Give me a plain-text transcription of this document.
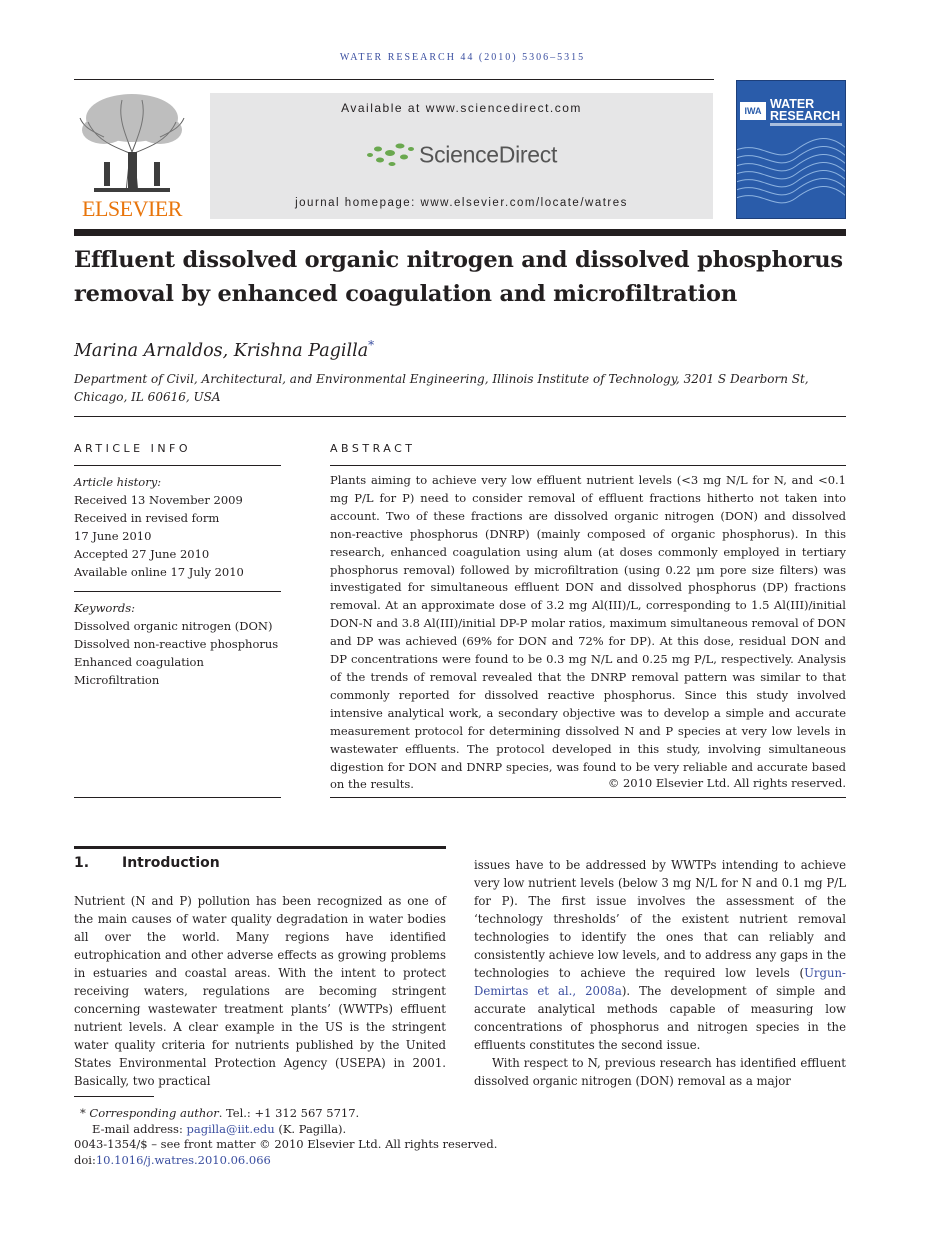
WATER RESEARCH 44 (2010) 5306–5315
ELSEVIER
Available at www.sciencedirect.com
ScienceDirect
journal homepage: www.elsevier.com/locate/watres
IWA WATER
RESEARCH
Effluent dissolved organic nitrogen and dissolved phosphorus removal by enhanced coagulation and microfiltration
Marina Arnaldos, Krishna Pagilla*
Department of Civil, Architectural, and Environmental Engineering, Illinois Institute of Technology, 3201 S Dearborn St, Chicago, IL 60616, USA
ARTICLE INFO
Article history:
Received 13 November 2009
Received in revised form
17 June 2010
Accepted 27 June 2010
Available online 17 July 2010
Keywords:
Dissolved organic nitrogen (DON)
Dissolved non-reactive phosphorus
Enhanced coagulation
Microfiltration
ABSTRACT
Plants aiming to achieve very low effluent nutrient levels (<3 mg N/L for N, and <0.1 mg P/L for P) need to consider removal of effluent fractions hitherto not taken into account. Two of these fractions are dissolved organic nitrogen (DON) and dissolved non-reactive phosphorus (DNRP) (mainly composed of organic phosphorus). In this research, enhanced coagulation using alum (at doses commonly employed in tertiary phosphorus removal) followed by microfiltration (using 0.22 μm pore size filters) was investigated for simultaneous effluent DON and dissolved phosphorus (DP) fractions removal. At an approximate dose of 3.2 mg Al(III)/L, corresponding to 1.5 Al(III)/initial DON-N and 3.8 Al(III)/initial DP-P molar ratios, maximum simultaneous removal of DON and DP was achieved (69% for DON and 72% for DP). At this dose, residual DON and DP concentrations were found to be 0.3 mg N/L and 0.25 mg P/L, respectively. Analysis of the trends of removal revealed that the DNRP removal pattern was similar to that commonly reported for dissolved reactive phosphorus. Since this study involved intensive analytical work, a secondary objective was to develop a simple and accurate measurement protocol for determining dissolved N and P species at very low levels in wastewater effluents. The protocol developed in this study, involving simultaneous digestion for DON and DNRP species, was found to be very reliable and accurate based on the results.	© 2010 Elsevier Ltd. All rights reserved.
1. Introduction

Nutrient (N and P) pollution has been recognized as one of the main causes of water quality degradation in water bodies all over the world. Many regions have identified eutrophication and other adverse effects as growing problems in estuaries and coastal areas. With the intent to protect receiving waters, regulations are becoming stringent concerning wastewater treatment plants’ (WWTPs) effluent nutrient levels. A clear example in the US is the stringent water quality criteria for nutrients published by the United States Environmental Protection Agency (USEPA) in 2001. Basically, two practical

issues have to be addressed by WWTPs intending to achieve very low nutrient levels (below 3 mg N/L for N and 0.1 mg P/L for P). The first issue involves the assessment of the ‘technology thresholds’ of the existent nutrient removal technologies to identify the ones that can reliably and consistently achieve low levels, and to address any gaps in the technologies to achieve the required low levels (Urgun-Demirtas et al., 2008a). The development of simple and accurate analytical methods capable of measuring low concentrations of phosphorus and nitrogen species in the effluents constitutes the second issue.

With respect to N, previous research has identified effluent dissolved organic nitrogen (DON) removal as a major

* Corresponding author. Tel.: +1 312 567 5717.
E-mail address: pagilla@iit.edu (K. Pagilla).
0043-1354/$ – see front matter © 2010 Elsevier Ltd. All rights reserved.
doi:10.1016/j.watres.2010.06.066
